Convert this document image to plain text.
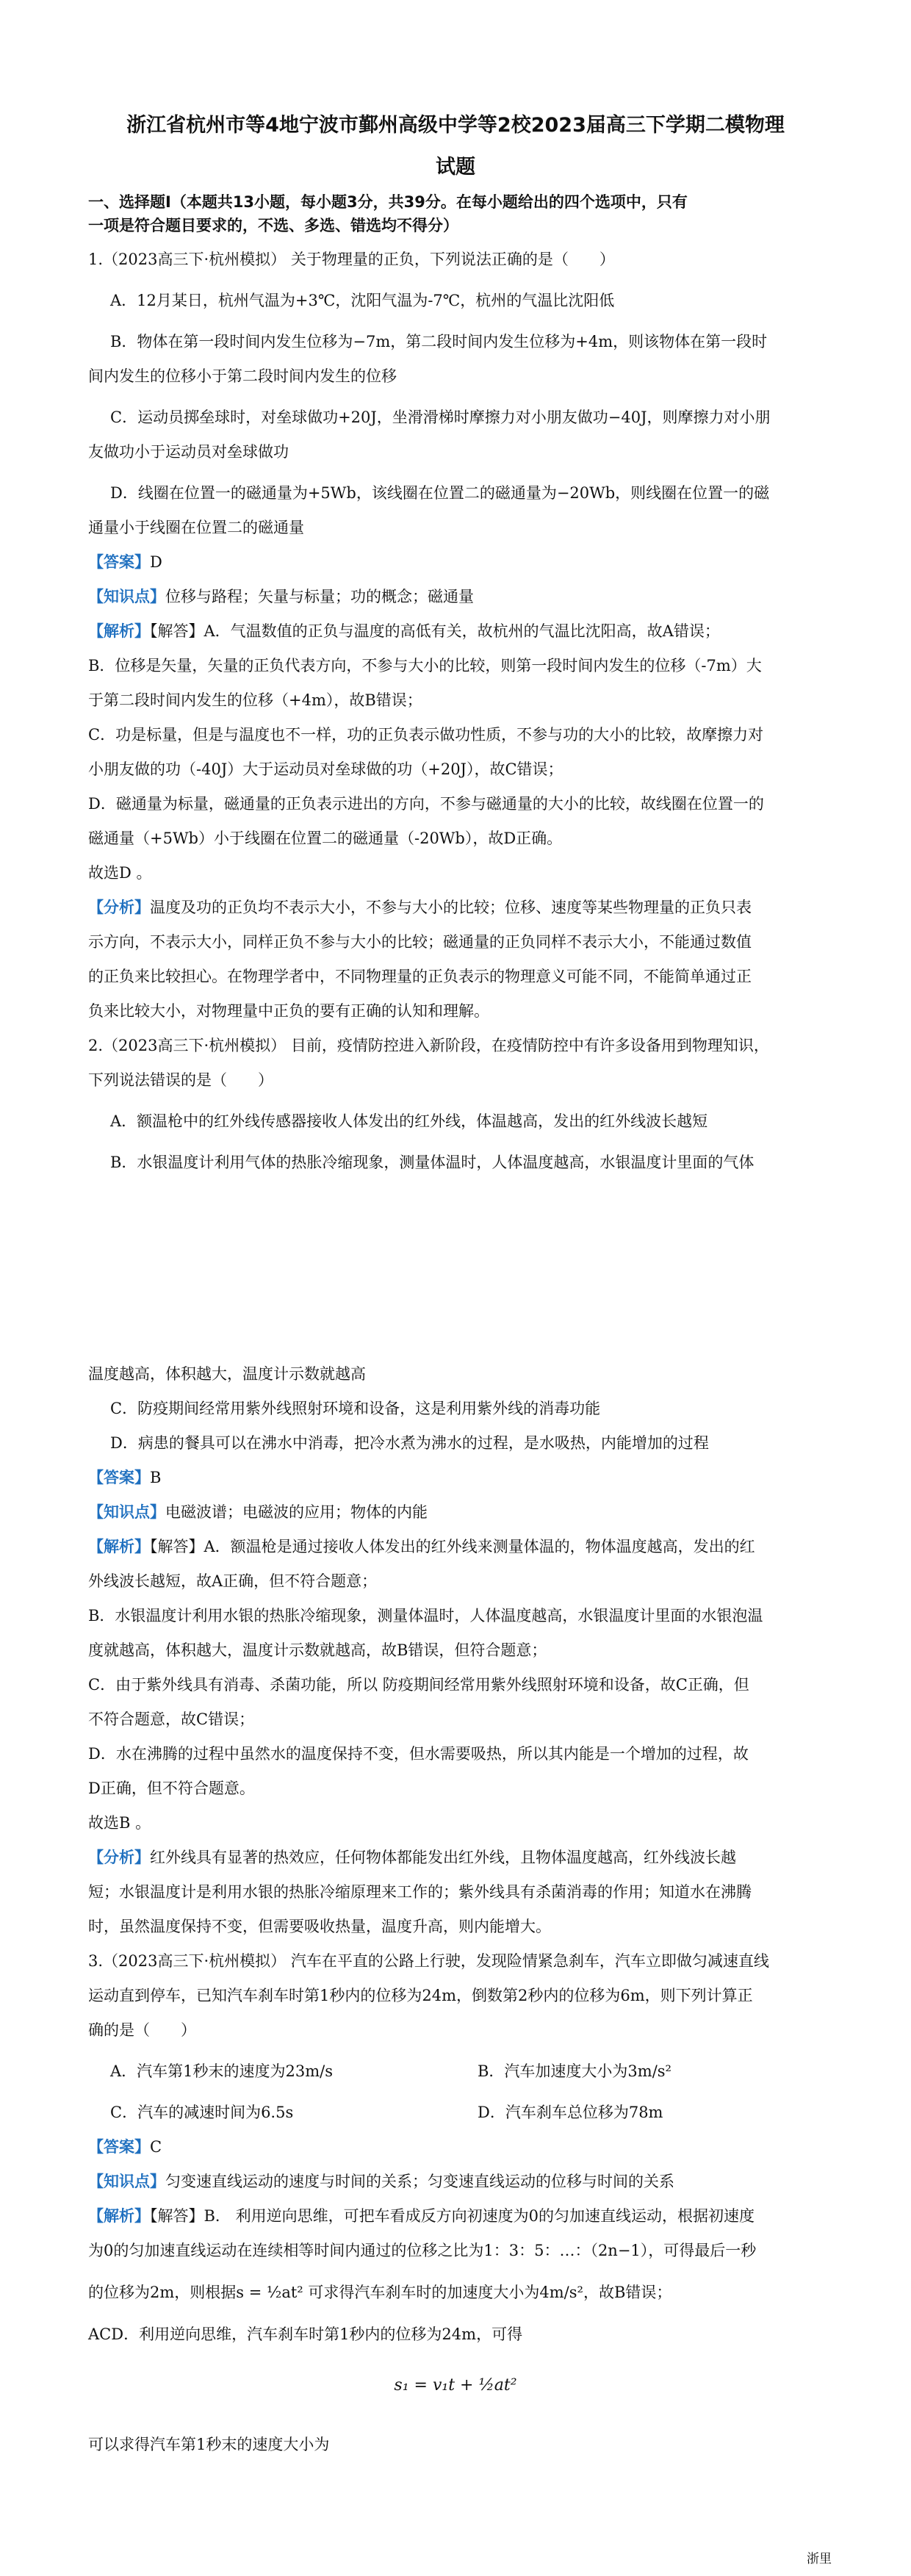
浙江省杭州市等4地宁波市鄞州高级中学等2校2023届高三下学期二模物理
试题
一、选择题Ⅰ（本题共13小题，每小题3分，共39分。在每小题给出的四个选项中，只有
一项是符合题目要求的，不选、多选、错选均不得分）
1.（2023高三下·杭州模拟） 关于物理量的正负，下列说法正确的是（　　）
A．12月某日，杭州气温为+3℃，沈阳气温为-7℃，杭州的气温比沈阳低
B．物体在第一段时间内发生位移为−7m，第二段时间内发生位移为+4m，则该物体在第一段时
间内发生的位移小于第二段时间内发生的位移
C．运动员掷垒球时，对垒球做功+20J，坐滑滑梯时摩擦力对小朋友做功−40J，则摩擦力对小朋
友做功小于运动员对垒球做功
D．线圈在位置一的磁通量为+5Wb，该线圈在位置二的磁通量为−20Wb，则线圈在位置一的磁
通量小于线圈在位置二的磁通量
【答案】D
【知识点】位移与路程；矢量与标量；功的概念；磁通量
【解析】【解答】A．气温数值的正负与温度的高低有关，故杭州的气温比沈阳高，故A错误；
B．位移是矢量，矢量的正负代表方向，不参与大小的比较，则第一段时间内发生的位移（-7m）大
于第二段时间内发生的位移（+4m），故B错误；
C．功是标量，但是与温度也不一样，功的正负表示做功性质，不参与功的大小的比较，故摩擦力对
小朋友做的功（-40J）大于运动员对垒球做的功（+20J），故C错误；
D．磁通量为标量，磁通量的正负表示进出的方向，不参与磁通量的大小的比较，故线圈在位置一的
磁通量（+5Wb）小于线圈在位置二的磁通量（-20Wb），故D正确。
故选D 。
【分析】温度及功的正负均不表示大小，不参与大小的比较；位移、速度等某些物理量的正负只表
示方向，不表示大小，同样正负不参与大小的比较；磁通量的正负同样不表示大小，不能通过数值
的正负来比较担心。在物理学者中，不同物理量的正负表示的物理意义可能不同，不能简单通过正
负来比较大小，对物理量中正负的要有正确的认知和理解。
2.（2023高三下·杭州模拟） 目前，疫情防控进入新阶段，在疫情防控中有许多设备用到物理知识，
下列说法错误的是（　　）
A．额温枪中的红外线传感器接收人体发出的红外线，体温越高，发出的红外线波长越短
B．水银温度计利用气体的热胀冷缩现象，测量体温时，人体温度越高，水银温度计里面的气体
温度越高，体积越大，温度计示数就越高
C．防疫期间经常用紫外线照射环境和设备，这是利用紫外线的消毒功能
D．病患的餐具可以在沸水中消毒，把冷水煮为沸水的过程，是水吸热，内能增加的过程
【答案】B
【知识点】电磁波谱；电磁波的应用；物体的内能
【解析】【解答】A．额温枪是通过接收人体发出的红外线来测量体温的，物体温度越高，发出的红
外线波长越短，故A正确，但不符合题意；
B．水银温度计利用水银的热胀冷缩现象，测量体温时，人体温度越高，水银温度计里面的水银泡温
度就越高，体积越大，温度计示数就越高，故B错误，但符合题意；
C．由于紫外线具有消毒、杀菌功能，所以 防疫期间经常用紫外线照射环境和设备，故C正确，但
不符合题意，故C错误；
D．水在沸腾的过程中虽然水的温度保持不变，但水需要吸热，所以其内能是一个增加的过程，故
D正确，但不符合题意。
故选B 。
【分析】红外线具有显著的热效应，任何物体都能发出红外线，且物体温度越高，红外线波长越
短；水银温度计是利用水银的热胀冷缩原理来工作的；紫外线具有杀菌消毒的作用；知道水在沸腾
时，虽然温度保持不变，但需要吸收热量，温度升高，则内能增大。
3.（2023高三下·杭州模拟） 汽车在平直的公路上行驶，发现险情紧急刹车，汽车立即做匀减速直线
运动直到停车，已知汽车刹车时第1秒内的位移为24m，倒数第2秒内的位移为6m，则下列计算正
确的是（　　）
A．汽车第1秒末的速度为23m/s	B．汽车加速度大小为3m/s²
C．汽车的减速时间为6.5s	D．汽车刹车总位移为78m
【答案】C
【知识点】匀变速直线运动的速度与时间的关系；匀变速直线运动的位移与时间的关系
【解析】【解答】B． 利用逆向思维，可把车看成反方向初速度为0的匀加速直线运动，根据初速度
为0的匀加速直线运动在连续相等时间内通过的位移之比为1：3：5：…：（2n−1），可得最后一秒
的位移为2m，则根据s = ½at² 可求得汽车刹车时的加速度大小为4m/s²，故B错误；
ACD．利用逆向思维，汽车刹车时第1秒内的位移为24m，可得
s₁ = v₁t + ½at²
可以求得汽车第1秒末的速度大小为
浙里
